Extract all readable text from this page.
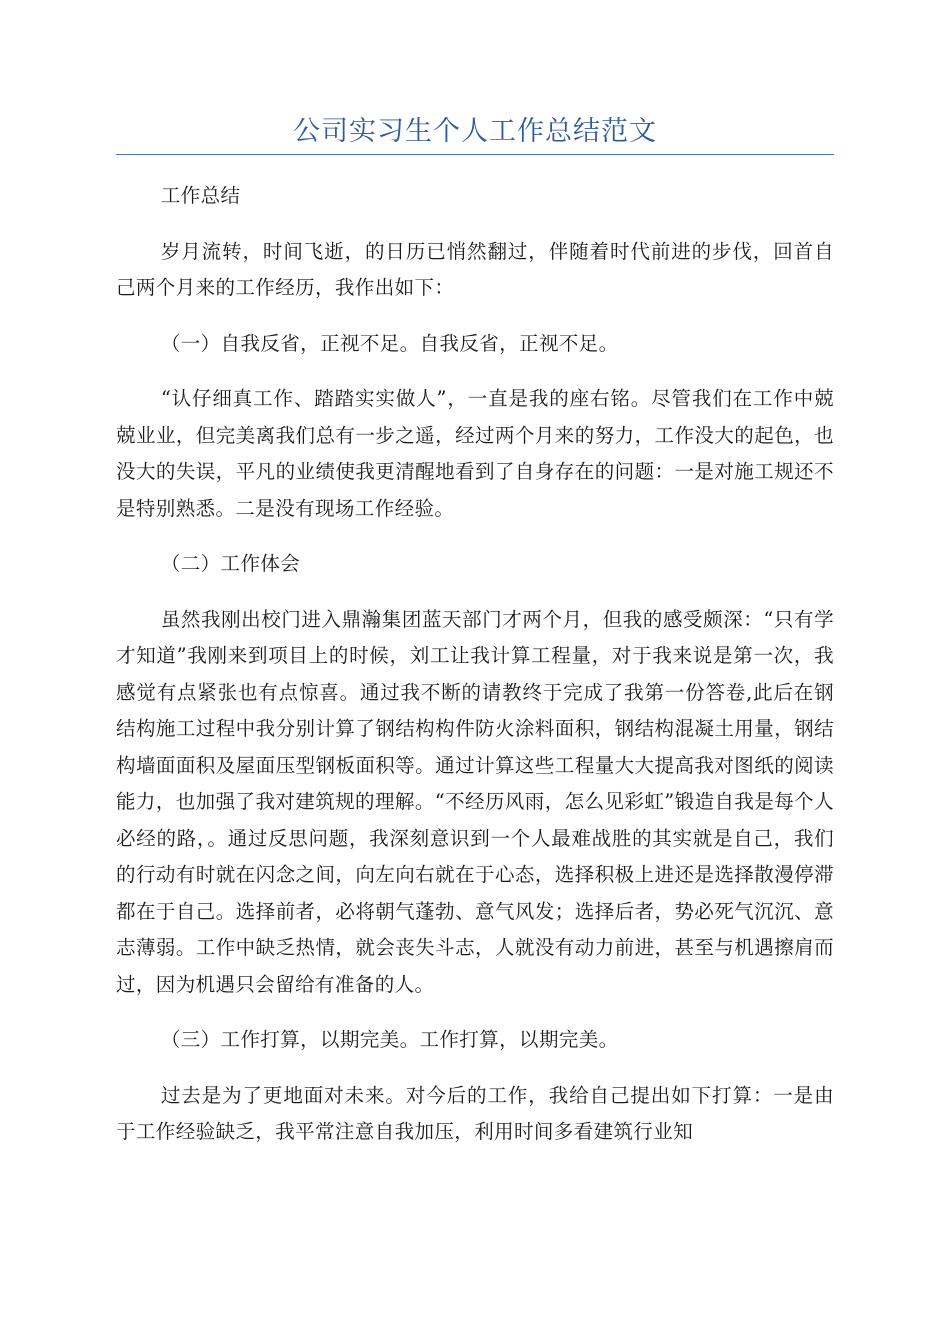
公司实习生个人工作总结范文

工作总结

岁月流转，时间飞逝，的日历已悄然翻过，伴随着时代前进的步伐，回首自己两个月来的工作经历，我作出如下：

（一）自我反省，正视不足。自我反省，正视不足。

“认仔细真工作、踏踏实实做人”，一直是我的座右铭。尽管我们在工作中兢兢业业，但完美离我们总有一步之遥，经过两个月来的努力，工作没大的起色，也没大的失误，平凡的业绩使我更清醒地看到了自身存在的问题：一是对施工规还不是特别熟悉。二是没有现场工作经验。

（二）工作体会

虽然我刚出校门进入鼎瀚集团蓝天部门才两个月，但我的感受颇深：“只有学才知道”我刚来到项目上的时候，刘工让我计算工程量，对于我来说是第一次，我感觉有点紧张也有点惊喜。通过我不断的请教终于完成了我第一份答卷,此后在钢结构施工过程中我分别计算了钢结构构件防火涂料面积，钢结构混凝土用量，钢结构墙面面积及屋面压型钢板面积等。通过计算这些工程量大大提高我对图纸的阅读能力，也加强了我对建筑规的理解。“不经历风雨，怎么见彩虹”锻造自我是每个人必经的路，。通过反思问题，我深刻意识到一个人最难战胜的其实就是自己，我们的行动有时就在闪念之间，向左向右就在于心态，选择积极上进还是选择散漫停滞都在于自己。选择前者，必将朝气蓬勃、意气风发；选择后者，势必死气沉沉、意志薄弱。工作中缺乏热情，就会丧失斗志，人就没有动力前进，甚至与机遇擦肩而过，因为机遇只会留给有准备的人。

（三）工作打算，以期完美。工作打算，以期完美。

过去是为了更地面对未来。对今后的工作，我给自己提出如下打算：一是由于工作经验缺乏，我平常注意自我加压，利用时间多看建筑行业知
